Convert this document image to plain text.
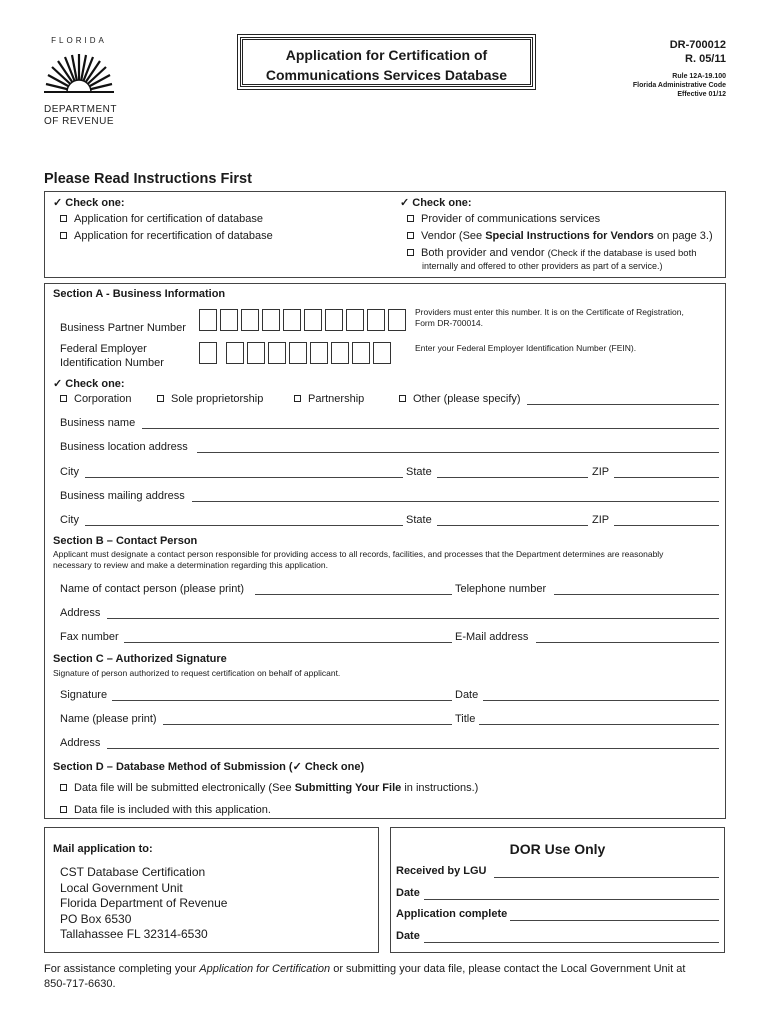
FLORIDA
DEPARTMENT
OF REVENUE
Application for Certification of
Communications Services Database
DR-700012
R. 05/11
Rule 12A-19.100
Florida Administrative Code
Effective 01/12
Please Read Instructions First
✓ Check one:
Application for certification of database
Application for recertification of database
✓ Check one:
Provider of communications services
Vendor (See Special Instructions for Vendors on page 3.)
Both provider and vendor (Check if the database is used both
internally and offered to other providers as part of a service.)
Section A - Business Information
Providers must enter this number. It is on the Certificate of Registration,
Form DR-700014.
Business Partner Number
Federal Employer
Identification Number
Enter your Federal Employer Identification Number (FEIN).
✓ Check one:
Corporation	Sole proprietorship	Partnership	Other (please specify)
Business name
Business location address
City	State	ZIP
Business mailing address
City	State	ZIP
Section B – Contact Person
Applicant must designate a contact person responsible for providing access to all records, facilities, and processes that the Department determines are reasonably
necessary to review and make a determination regarding this application.
Name of contact person (please print)	Telephone number
Address
Fax number	E-Mail address
Section C – Authorized Signature
Signature of person authorized to request certification on behalf of applicant.
Signature	Date
Name (please print)	Title
Address
Section D – Database Method of Submission (✓ Check one)
Data file will be submitted electronically (See Submitting Your File in instructions.)
Data file is included with this application.
Mail application to:
CST Database Certification
Local Government Unit
Florida Department of Revenue
PO Box 6530
Tallahassee FL 32314-6530
DOR Use Only
Received by LGU
Date
Application complete
Date
For assistance completing your Application for Certification or submitting your data file, please contact the Local Government Unit at
850-717-6630.
